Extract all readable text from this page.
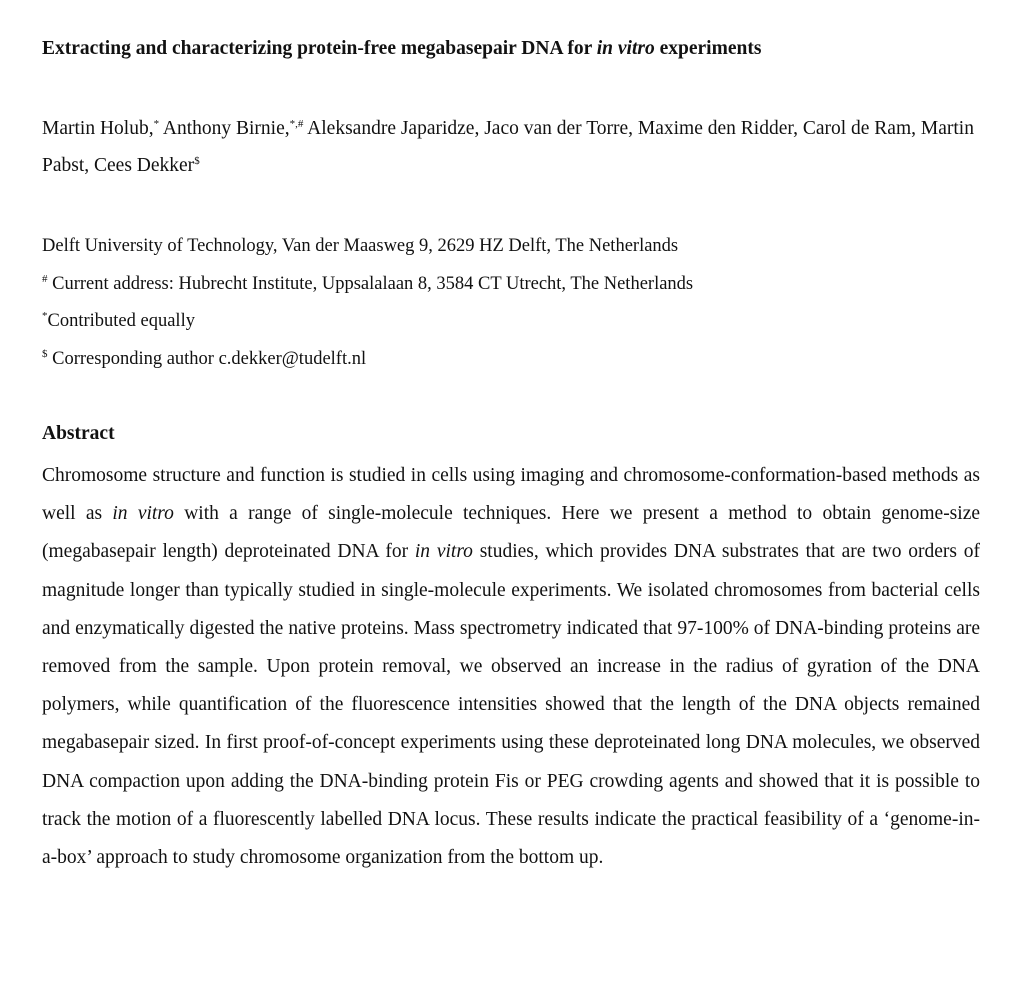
Extracting and characterizing protein-free megabasepair DNA for in vitro experiments
Martin Holub,* Anthony Birnie,*,# Aleksandre Japaridze, Jaco van der Torre, Maxime den Ridder, Carol de Ram, Martin Pabst, Cees Dekker$
Delft University of Technology, Van der Maasweg 9, 2629 HZ Delft, The Netherlands
# Current address: Hubrecht Institute, Uppsalalaan 8, 3584 CT Utrecht, The Netherlands
*Contributed equally
$ Corresponding author c.dekker@tudelft.nl
Abstract
Chromosome structure and function is studied in cells using imaging and chromosome-conformation-based methods as well as in vitro with a range of single-molecule techniques. Here we present a method to obtain genome-size (megabasepair length) deproteinated DNA for in vitro studies, which provides DNA substrates that are two orders of magnitude longer than typically studied in single-molecule experiments. We isolated chromosomes from bacterial cells and enzymatically digested the native proteins. Mass spectrometry indicated that 97-100% of DNA-binding proteins are removed from the sample. Upon protein removal, we observed an increase in the radius of gyration of the DNA polymers, while quantification of the fluorescence intensities showed that the length of the DNA objects remained megabasepair sized. In first proof-of-concept experiments using these deproteinated long DNA molecules, we observed DNA compaction upon adding the DNA-binding protein Fis or PEG crowding agents and showed that it is possible to track the motion of a fluorescently labelled DNA locus. These results indicate the practical feasibility of a ‘genome-in-a-box’ approach to study chromosome organization from the bottom up.
